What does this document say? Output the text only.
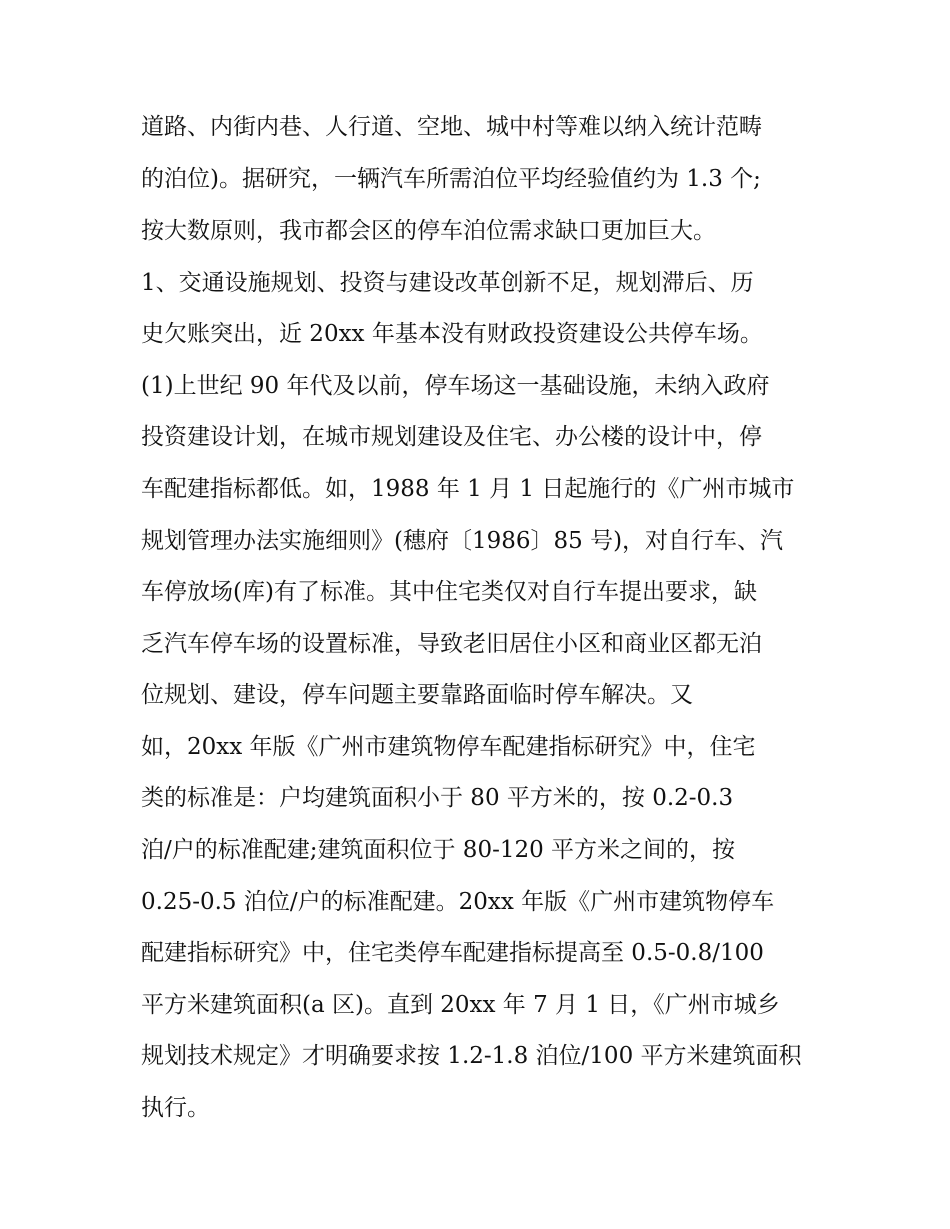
道路、内街内巷、人行道、空地、城中村等难以纳入统计范畴

的泊位)。据研究，一辆汽车所需泊位平均经验值约为 1.3 个;

按大数原则，我市都会区的停车泊位需求缺口更加巨大。

1、交通设施规划、投资与建设改革创新不足，规划滞后、历

史欠账突出，近 20xx 年基本没有财政投资建设公共停车场。

(1)上世纪 90 年代及以前，停车场这一基础设施，未纳入政府

投资建设计划，在城市规划建设及住宅、办公楼的设计中，停

车配建指标都低。如，1988 年 1 月 1 日起施行的《广州市城市

规划管理办法实施细则》(穗府〔1986〕85 号)，对自行车、汽

车停放场(库)有了标准。其中住宅类仅对自行车提出要求，缺

乏汽车停车场的设置标准，导致老旧居住小区和商业区都无泊

位规划、建设，停车问题主要靠路面临时停车解决。又

如，20xx 年版《广州市建筑物停车配建指标研究》中，住宅

类的标准是：户均建筑面积小于 80 平方米的，按 0.2-0.3

泊/户的标准配建;建筑面积位于 80-120 平方米之间的，按

0.25-0.5 泊位/户的标准配建。20xx 年版《广州市建筑物停车

配建指标研究》中，住宅类停车配建指标提高至 0.5-0.8/100

平方米建筑面积(a 区)。直到 20xx 年 7 月 1 日，《广州市城乡

规划技术规定》才明确要求按 1.2-1.8 泊位/100 平方米建筑面积

执行。
